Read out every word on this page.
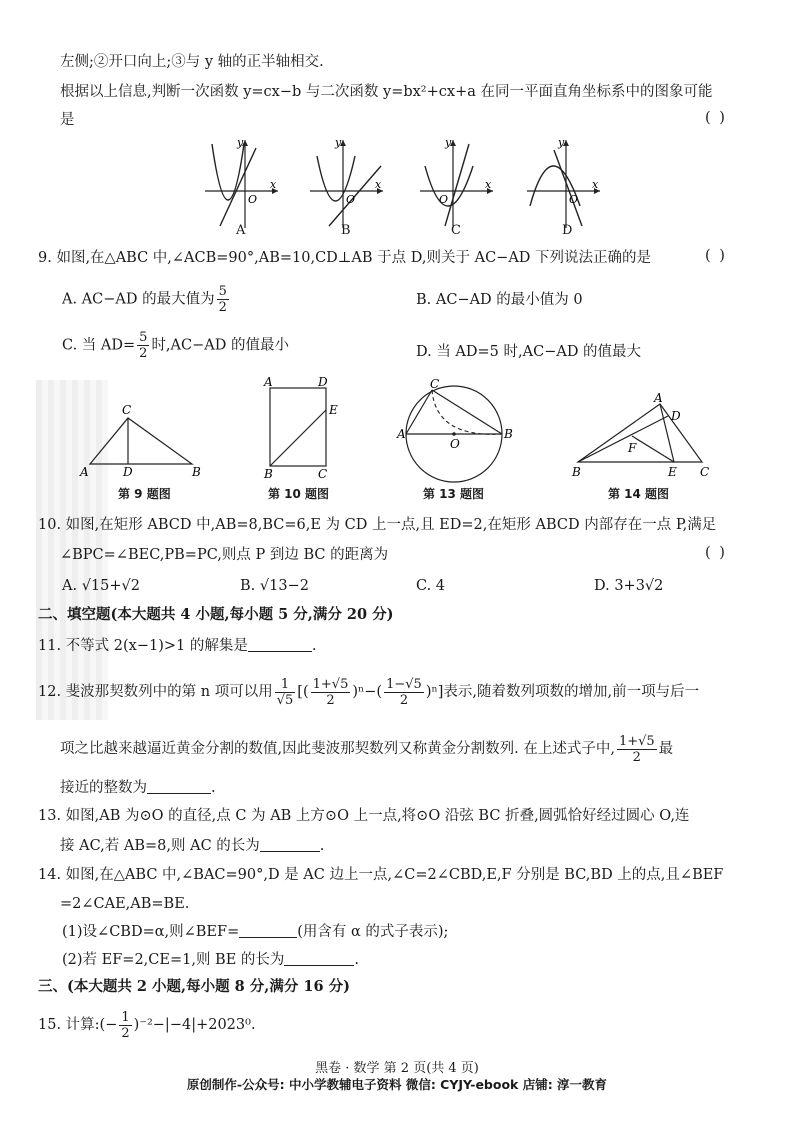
左侧;②开口向上;③与 y 轴的正半轴相交.
根据以上信息,判断一次函数 y=cx−b 与二次函数 y=bx²+cx+a 在同一平面直角坐标系中的图象可能
是	( )
y
x
O
y
x
O
y
x
O
y
x
O
A	B	C	D
9. 如图,在△ABC 中,∠ACB=90°,AB=10,CD⊥AB 于点 D,则关于 AC−AD 下列说法正确的是	( )
A. AC−AD 的最大值为 $\frac{5}{2}$	B. AC−AD 的最小值为 0
C. 当 $AD= \frac{5}{2}$ 时,AC−AD 的值最小	D. 当 AD=5 时,AC−AD 的值最大
A	B
C
D
第 9 题图
A	D
B	C
E
第 10 题图
A	B
C
O
第 13 题图
B
A
D
F
E C
第 14 题图
10. 如图,在矩形 ABCD 中,AB=8,BC=6,E 为 CD 上一点,且 ED=2,在矩形 ABCD 内部存在一点 P,满足
∠BPC=∠BEC,PB=PC,则点 P 到边 BC 的距离为	( )
A. √15+√2	B. √13−2	C. 4	D. 3+3√2
二、填空题(本大题共 4 小题,每小题 5 分,满分 20 分)
11. 不等式 2(x−1)>1 的解集是	.
12. 斐波那契数列中的第 n 项可以用 $\frac{1}{√5}$ [( $\frac{1+√5}{2} )^n-( \frac{1-√5}{2} )^n$]表示,随着数列项数的增加,前一项与后一
项之比越来越逼近黄金分割的数值,因此斐波那契数列又称黄金分割数列. 在上述式子中, $\frac{1+√5}{2}$ 最
接近的整数为	.
13. 如图,AB 为⊙O 的直径,点 C 为 AB 上方⊙O 上一点,将⊙O 沿弦 BC 折叠,圆弧恰好经过圆心 O,连
接 AC,若 AB=8,则 AC 的长为	.
14. 如图,在△ABC 中,∠BAC=90°,D 是 AC 边上一点,∠C=2∠CBD,E,F 分别是 BC,BD 上的点,且∠BEF
=2∠CAE,AB=BE.
(1)设∠CBD=α,则∠BEF=	(用含有 α 的式子表示);
(2)若 EF=2,CE=1,则 BE 的长为	.
三、(本大题共 2 小题,每小题 8 分,满分 16 分)
15. 计算:(− $\frac{1}{2} )^{-2}-|-4|+2023^0$.
黑卷 · 数学 第 2 页(共 4 页)
原创制作-公众号: 中小学教辅电子资料 微信: CYJY-ebook 店铺: 淳一教育
